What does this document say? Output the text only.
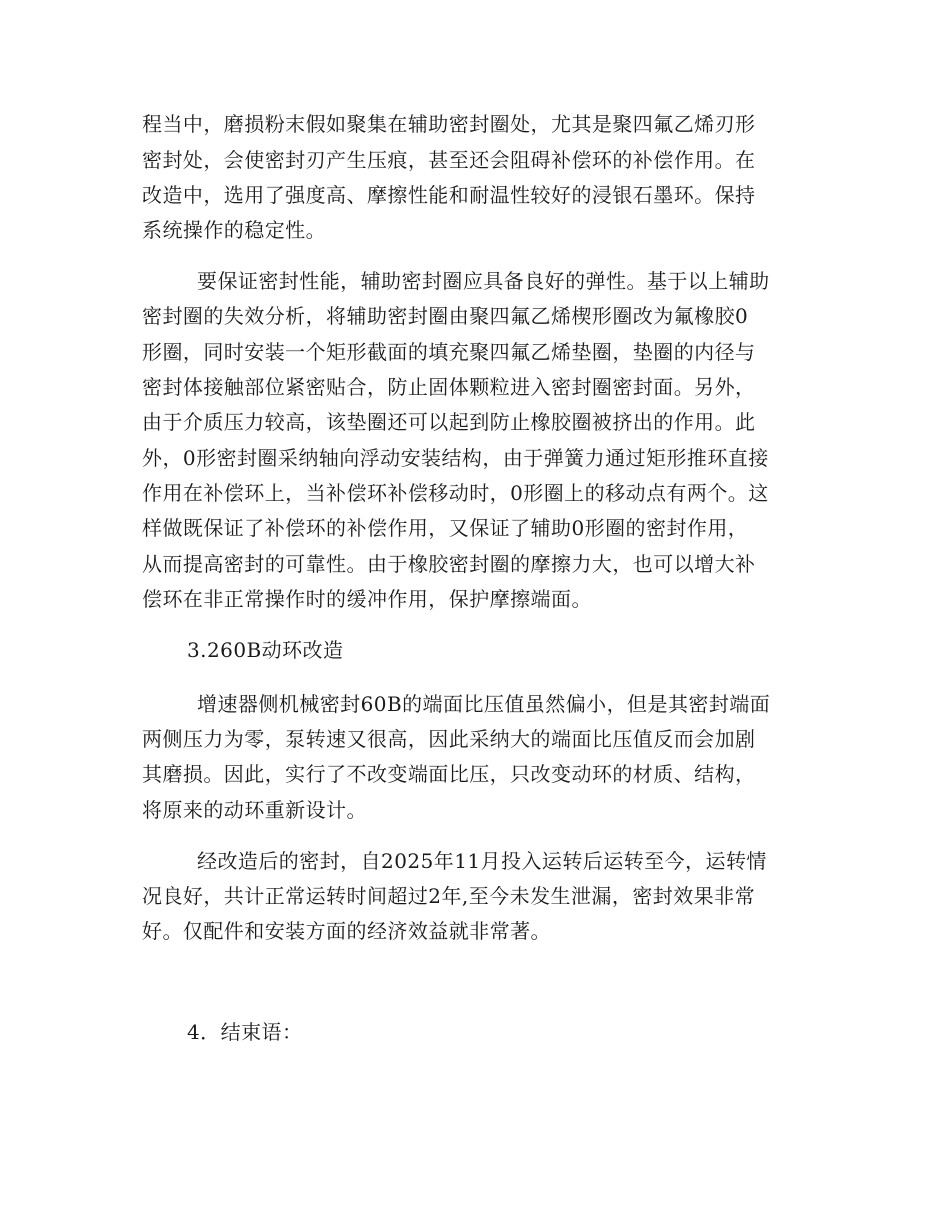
程当中，磨损粉末假如聚集在辅助密封圈处，尤其是聚四氟乙烯刃形
密封处，会使密封刃产生压痕，甚至还会阻碍补偿环的补偿作用。在
改造中，选用了强度高、摩擦性能和耐温性较好的浸银石墨环。保持
系统操作的稳定性。
要保证密封性能，辅助密封圈应具备良好的弹性。基于以上辅助
密封圈的失效分析，将辅助密封圈由聚四氟乙烯楔形圈改为氟橡胶0
形圈，同时安装一个矩形截面的填充聚四氟乙烯垫圈，垫圈的内径与
密封体接触部位紧密贴合，防止固体颗粒进入密封圈密封面。另外，
由于介质压力较高，该垫圈还可以起到防止橡胶圈被挤出的作用。此
外，0形密封圈采纳轴向浮动安装结构，由于弹簧力通过矩形推环直接
作用在补偿环上，当补偿环补偿移动时，0形圈上的移动点有两个。这
样做既保证了补偿环的补偿作用，又保证了辅助0形圈的密封作用，
从而提高密封的可靠性。由于橡胶密封圈的摩擦力大，也可以增大补
偿环在非正常操作时的缓冲作用，保护摩擦端面。
3.260B动环改造
增速器侧机械密封60B的端面比压值虽然偏小，但是其密封端面
两侧压力为零，泵转速又很高，因此采纳大的端面比压值反而会加剧
其磨损。因此，实行了不改变端面比压，只改变动环的材质、结构，
将原来的动环重新设计。
经改造后的密封，自2025年11月投入运转后运转至今，运转情
况良好，共计正常运转时间超过2年,至今未发生泄漏，密封效果非常
好。仅配件和安装方面的经济效益就非常著。
4．结束语：
